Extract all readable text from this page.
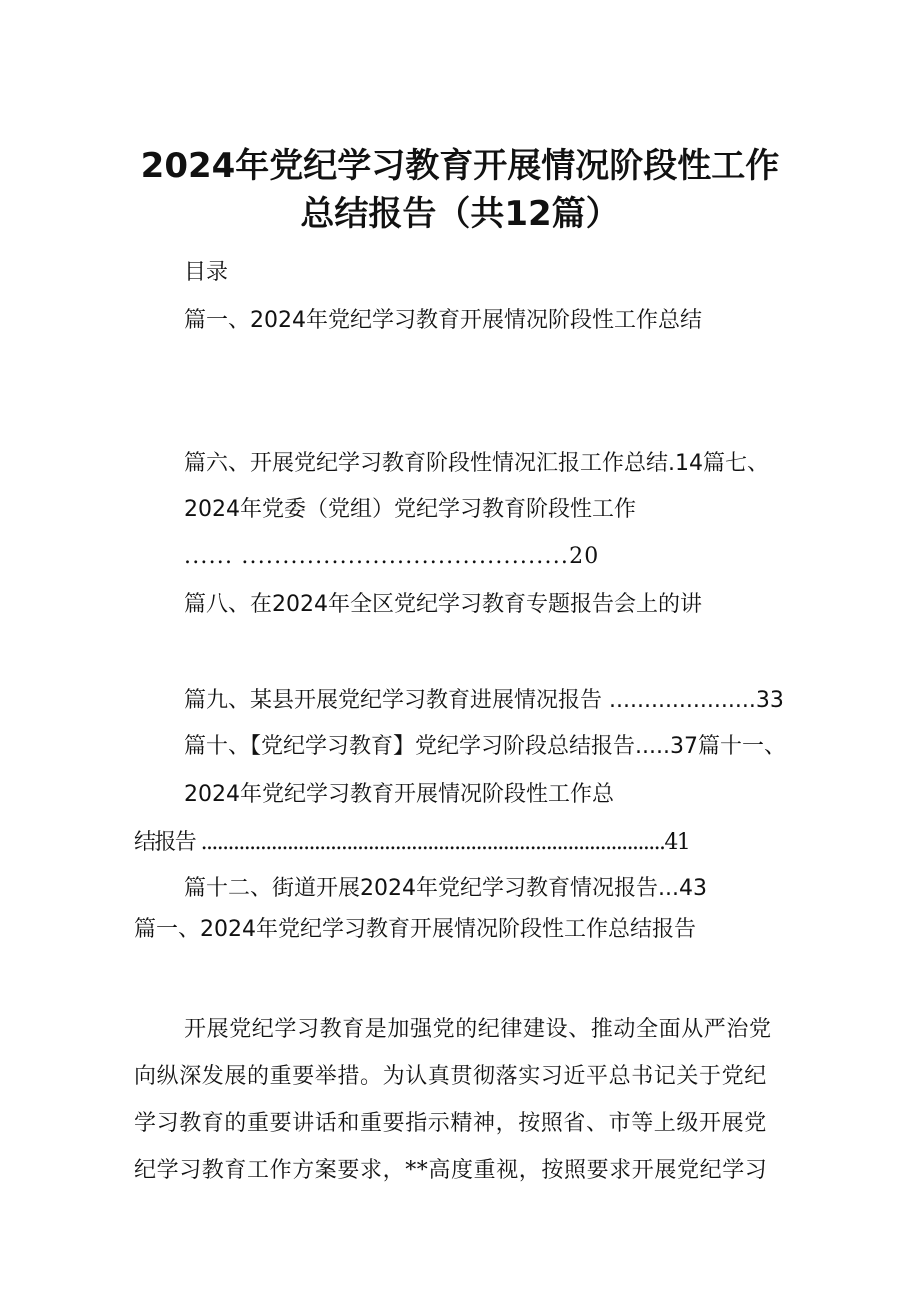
2024年党纪学习教育开展情况阶段性工作
总结报告（共12篇）

目录

篇一、2024年党纪学习教育开展情况阶段性工作总结

篇六、开展党纪学习教育阶段性情况汇报工作总结.14篇七、

2024年党委（党组）党纪学习教育阶段性工作

...... ........................................20

篇八、在2024年全区党纪学习教育专题报告会上的讲

篇九、某县开展党纪学习教育进展情况报告 .....................33

篇十、【党纪学习教育】党纪学习阶段总结报告.....37篇十一、

2024年党纪学习教育开展情况阶段性工作总

结报告 ......................................................................................41

篇十二、街道开展2024年党纪学习教育情况报告...43

篇一、2024年党纪学习教育开展情况阶段性工作总结报告

开展党纪学习教育是加强党的纪律建设、推动全面从严治党

向纵深发展的重要举措。为认真贯彻落实习近平总书记关于党纪

学习教育的重要讲话和重要指示精神，按照省、市等上级开展党

纪学习教育工作方案要求，**高度重视，按照要求开展党纪学习
